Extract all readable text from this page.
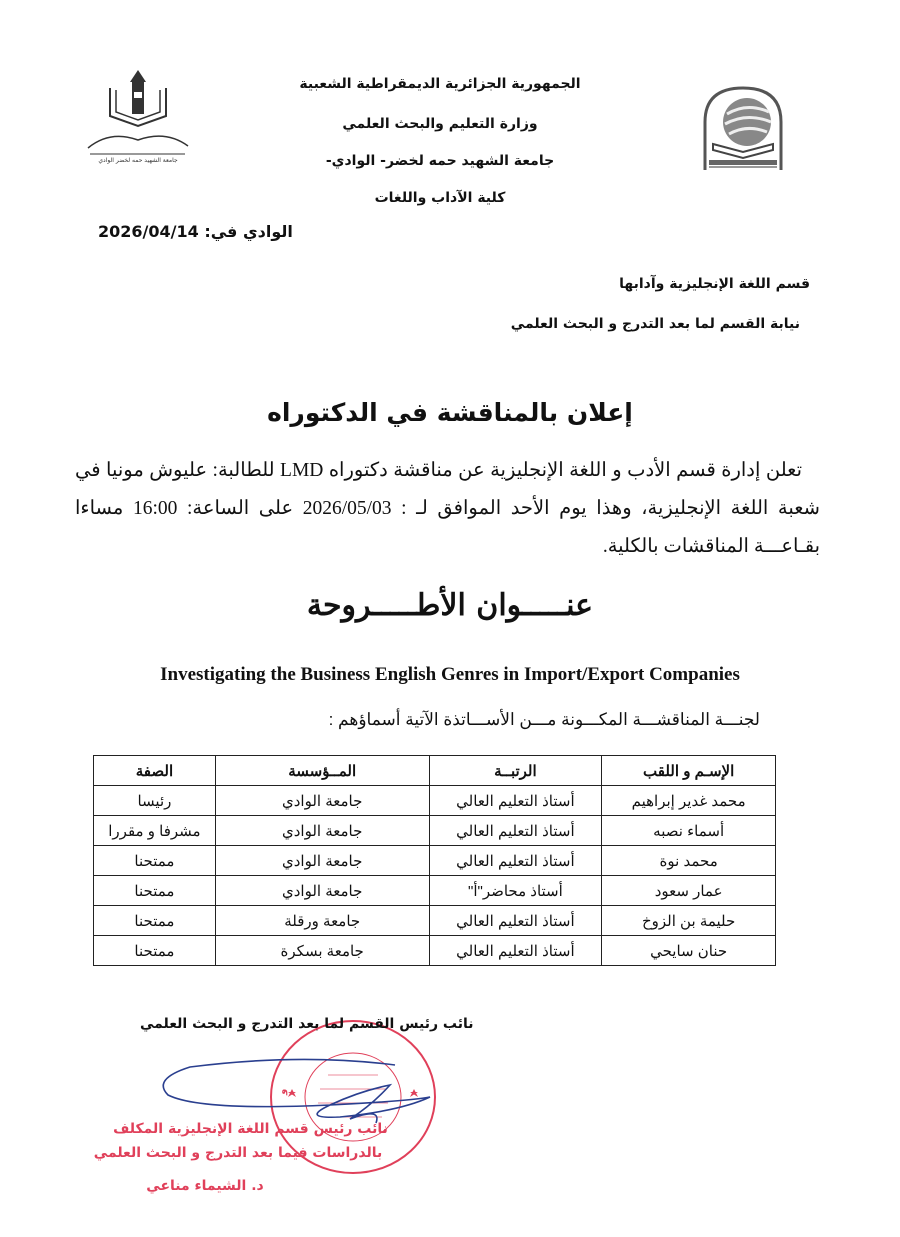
جامعة الشهيد حمه لخضر الوادي
الجمهورية الجزائرية الديمقراطية الشعبية
وزارة التعليم والبحث العلمي
جامعة الشهيد حمه لخضر- الوادي-
كلية الآداب واللغات
الوادي في: 2026/04/14
قسم اللغة الإنجليزية وآدابها
نيابة القسم لما بعد التدرج و البحث العلمي
إعلان بالمناقشة في الدكتوراه
تعلن إدارة قسم الأدب و اللغة الإنجليزية عن مناقشة دكتوراه LMD للطالبة: عليوش مونيا في شعبة اللغة الإنجليزية، وهذا يوم الأحد الموافق لـ : 2026/05/03 على الساعة: 16:00 مساءا بقـاعـــة المناقشات بالكلية.
عنـــــوان الأطـــــروحة
Investigating the Business English Genres in Import/Export Companies
لجنـــة المناقشـــة المكـــونة مـــن الأســـاتذة الآتية أسماؤهم :
الإسـم و اللقب	الرتبــة	المــؤسسة	الصفة
محمد غدير إبراهيم	أستاذ التعليم العالي	جامعة الوادي	رئيسا
أسماء نصبه	أستاذ التعليم العالي	جامعة الوادي	مشرفا و مقررا
محمد نوة	أستاذ التعليم العالي	جامعة الوادي	ممتحنا
عمار سعود	أستاذ محاضر"أ"	جامعة الوادي	ممتحنا
حليمة بن الزوخ	أستاذ التعليم العالي	جامعة ورقلة	ممتحنا
حنان سايحي	أستاذ التعليم العالي	جامعة بسكرة	ممتحنا
و
نائب رئيس القسم لما بعد التدرج و البحث العلمي
نائب رئيس قسم اللغة الإنجليزية المكلف
بالدراسات فيما بعد التدرج و البحث العلمي
د. الشيماء مناعي
